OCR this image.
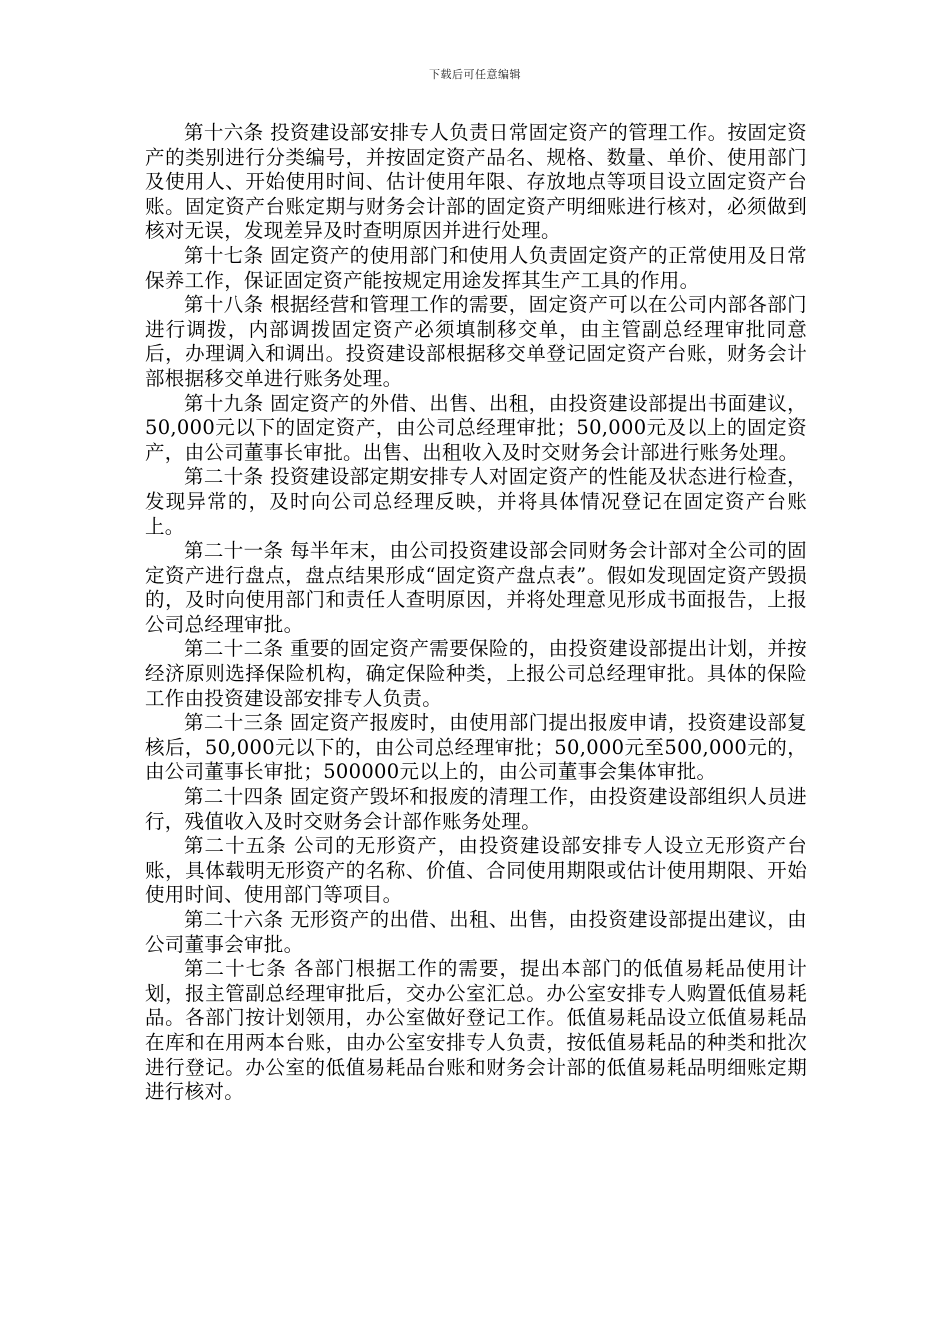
下载后可任意编辑

第十六条 投资建设部安排专人负责日常固定资产的管理工作。按固定资产的类别进行分类编号，并按固定资产品名、规格、数量、单价、使用部门及使用人、开始使用时间、估计使用年限、存放地点等项目设立固定资产台账。固定资产台账定期与财务会计部的固定资产明细账进行核对，必须做到核对无误，发现差异及时查明原因并进行处理。

第十七条 固定资产的使用部门和使用人负责固定资产的正常使用及日常保养工作，保证固定资产能按规定用途发挥其生产工具的作用。

第十八条 根据经营和管理工作的需要，固定资产可以在公司内部各部门进行调拨，内部调拨固定资产必须填制移交单，由主管副总经理审批同意后，办理调入和调出。投资建设部根据移交单登记固定资产台账，财务会计部根据移交单进行账务处理。

第十九条 固定资产的外借、出售、出租，由投资建设部提出书面建议，50,000元以下的固定资产，由公司总经理审批；50,000元及以上的固定资产，由公司董事长审批。出售、出租收入及时交财务会计部进行账务处理。

第二十条 投资建设部定期安排专人对固定资产的性能及状态进行检查，发现异常的，及时向公司总经理反映，并将具体情况登记在固定资产台账上。

第二十一条 每半年末，由公司投资建设部会同财务会计部对全公司的固定资产进行盘点，盘点结果形成“固定资产盘点表”。假如发现固定资产毁损的，及时向使用部门和责任人查明原因，并将处理意见形成书面报告，上报公司总经理审批。

第二十二条 重要的固定资产需要保险的，由投资建设部提出计划，并按经济原则选择保险机构，确定保险种类，上报公司总经理审批。具体的保险工作由投资建设部安排专人负责。

第二十三条 固定资产报废时，由使用部门提出报废申请，投资建设部复核后，50,000元以下的，由公司总经理审批；50,000元至500,000元的，由公司董事长审批；500000元以上的，由公司董事会集体审批。

第二十四条 固定资产毁坏和报废的清理工作，由投资建设部组织人员进行，残值收入及时交财务会计部作账务处理。

第二十五条 公司的无形资产，由投资建设部安排专人设立无形资产台账，具体载明无形资产的名称、价值、合同使用期限或估计使用期限、开始使用时间、使用部门等项目。

第二十六条 无形资产的出借、出租、出售，由投资建设部提出建议，由公司董事会审批。

第二十七条 各部门根据工作的需要，提出本部门的低值易耗品使用计划，报主管副总经理审批后，交办公室汇总。办公室安排专人购置低值易耗品。各部门按计划领用，办公室做好登记工作。低值易耗品设立低值易耗品在库和在用两本台账，由办公室安排专人负责，按低值易耗品的种类和批次进行登记。办公室的低值易耗品台账和财务会计部的低值易耗品明细账定期进行核对。
